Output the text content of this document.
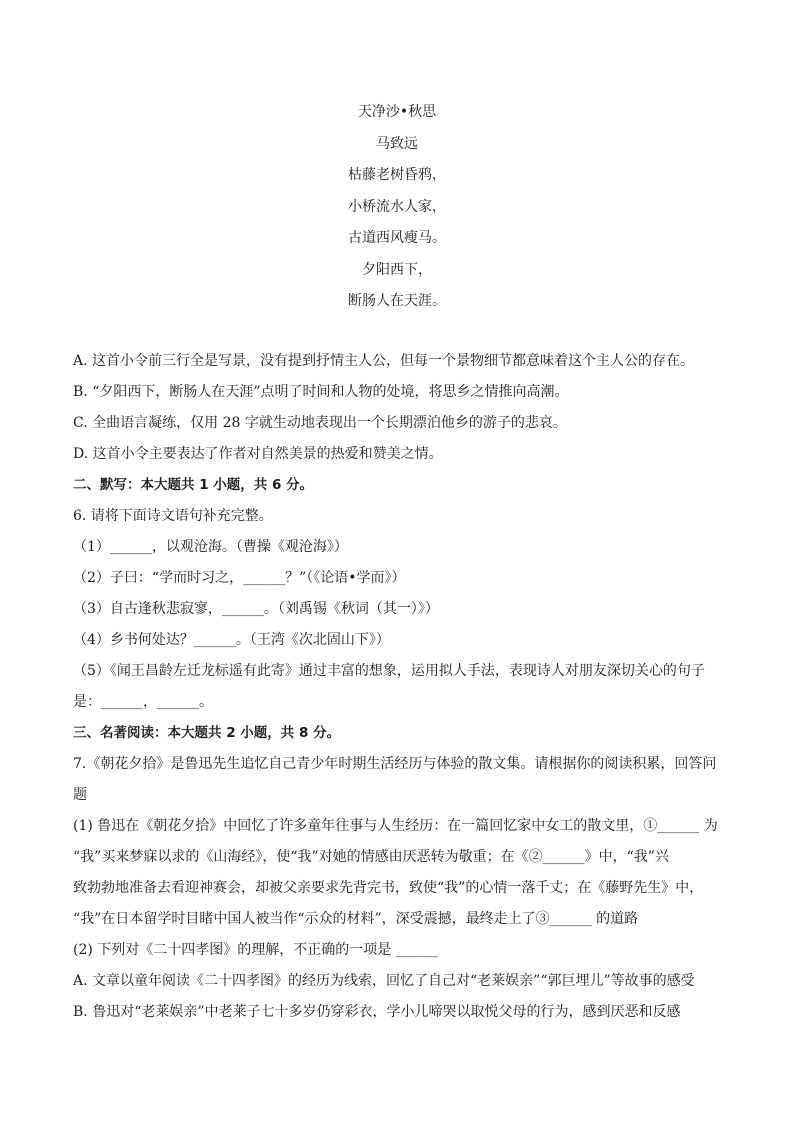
天净沙•秋思
马致远
枯藤老树昏鸦，
小桥流水人家，
古道西风瘦马。
夕阳西下，
断肠人在天涯。
A. 这首小令前三行全是写景，没有提到抒情主人公，但每一个景物细节都意味着这个主人公的存在。
B. “夕阳西下，断肠人在天涯”点明了时间和人物的处境，将思乡之情推向高潮。
C. 全曲语言凝练，仅用 28 字就生动地表现出一个长期漂泊他乡的游子的悲哀。
D. 这首小令主要表达了作者对自然美景的热爱和赞美之情。
二、默写：本大题共 1 小题，共 6 分。
6. 请将下面诗文语句补充完整。
（1）______，以观沧海。（曹操《观沧海》）
（2）子曰：“学而时习之，______？”（《论语•学而》）
（3）自古逢秋悲寂寥，______。（刘禹锡《秋词（其一）》）
（4）乡书何处达？______。（王湾《次北固山下》）
（5）《闻王昌龄左迁龙标遥有此寄》通过丰富的想象，运用拟人手法，表现诗人对朋友深切关心的句子
是：______，______。
三、名著阅读：本大题共 2 小题，共 8 分。
7.《朝花夕拾》是鲁迅先生追忆自己青少年时期生活经历与体验的散文集。请根据你的阅读积累，回答问
题
(1) 鲁迅在《朝花夕拾》中回忆了许多童年往事与人生经历：在一篇回忆家中女工的散文里，①______ 为
“我”买来梦寐以求的《山海经》，使“我”对她的情感由厌恶转为敬重；在《②______》中，“我”兴
致勃勃地准备去看迎神赛会，却被父亲要求先背完书，致使“我”的心情一落千丈；在《藤野先生》中，
“我”在日本留学时目睹中国人被当作“示众的材料”，深受震撼，最终走上了③______ 的道路
(2) 下列对《二十四孝图》的理解，不正确的一项是 ______
A. 文章以童年阅读《二十四孝图》的经历为线索，回忆了自己对“老莱娱亲”“郭巨埋儿”等故事的感受
B. 鲁迅对“老莱娱亲”中老莱子七十多岁仍穿彩衣，学小儿啼哭以取悦父母的行为，感到厌恶和反感
